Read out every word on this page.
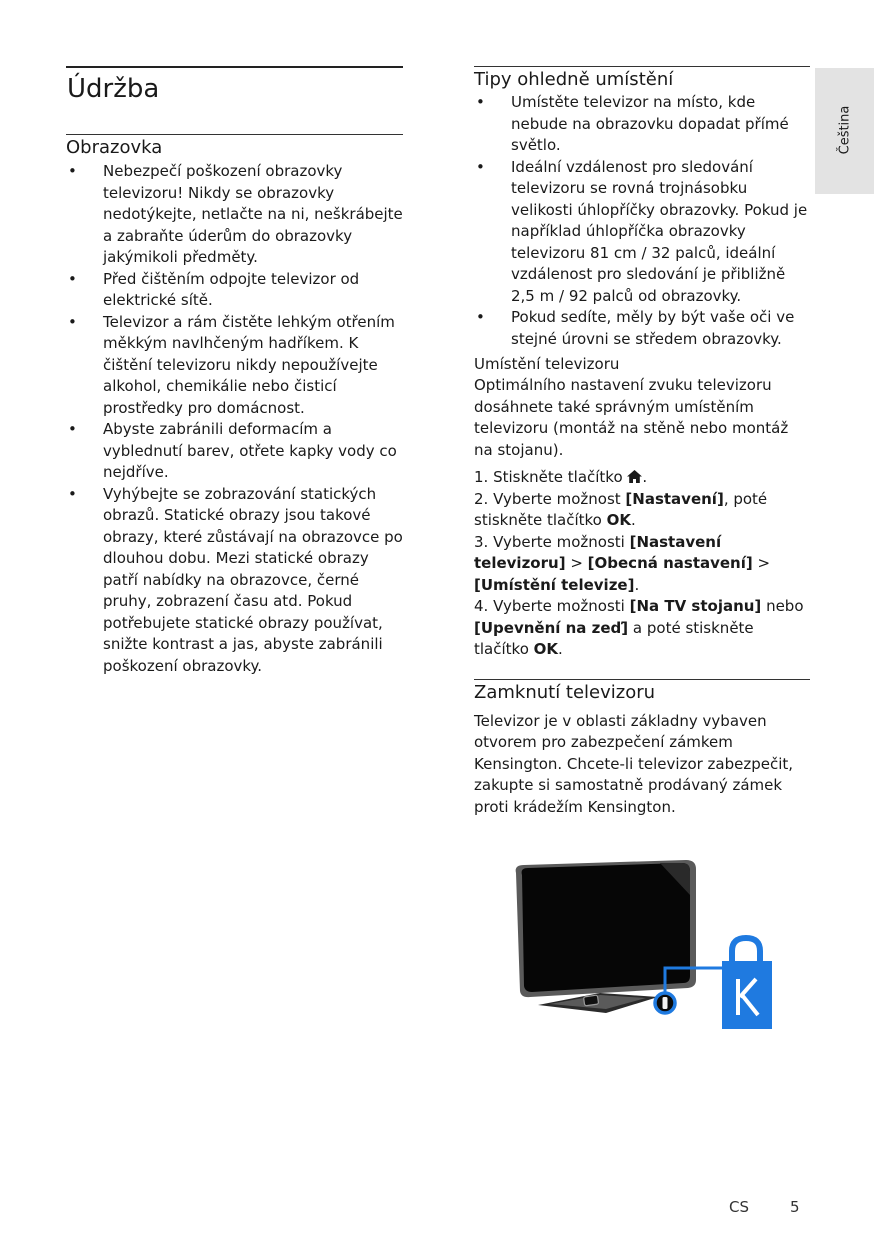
Čeština
Údržba
Obrazovka
• Nebezpečí poškození obrazovky televizoru! Nikdy se obrazovky nedotýkejte, netlačte na ni, neškrábejte a zabraňte úderům do obrazovky jakýmikoli předměty.
• Před čištěním odpojte televizor od elektrické sítě.
• Televizor a rám čistěte lehkým otřením měkkým navlhčeným hadříkem. K čištění televizoru nikdy nepoužívejte alkohol, chemikálie nebo čisticí prostředky pro domácnost.
• Abyste zabránili deformacím a vyblednutí barev, otřete kapky vody co nejdříve.
• Vyhýbejte se zobrazování statických obrazů. Statické obrazy jsou takové obrazy, které zůstávají na obrazovce po dlouhou dobu. Mezi statické obrazy patří nabídky na obrazovce, černé pruhy, zobrazení času atd. Pokud potřebujete statické obrazy používat, snižte kontrast a jas, abyste zabránili poškození obrazovky.
Tipy ohledně umístění
• Umístěte televizor na místo, kde nebude na obrazovku dopadat přímé světlo.
• Ideální vzdálenost pro sledování televizoru se rovná trojnásobku velikosti úhlopříčky obrazovky. Pokud je například úhlopříčka obrazovky televizoru 81 cm / 32 palců, ideální vzdálenost pro sledování je přibližně 2,5 m / 92 palců od obrazovky.
• Pokud sedíte, měly by být vaše oči ve stejné úrovni se středem obrazovky.
Umístění televizoru
Optimálního nastavení zvuku televizoru dosáhnete také správným umístěním televizoru (montáž na stěně nebo montáž na stojanu).

1. Stiskněte tlačítko .

2. Vyberte možnost [Nastavení], poté stiskněte tlačítko OK.

3. Vyberte možnosti [Nastavení televizoru] > [Obecná nastavení] > [Umístění televize].

4. Vyberte možnosti [Na TV stojanu] nebo [Upevnění na zeď] a poté stiskněte tlačítko OK.

Zamknutí televizoru
Televizor je v oblasti základny vybaven otvorem pro zabezpečení zámkem Kensington. Chcete-li televizor zabezpečit, zakupte si samostatně prodávaný zámek proti krádežím Kensington.
CS	5
